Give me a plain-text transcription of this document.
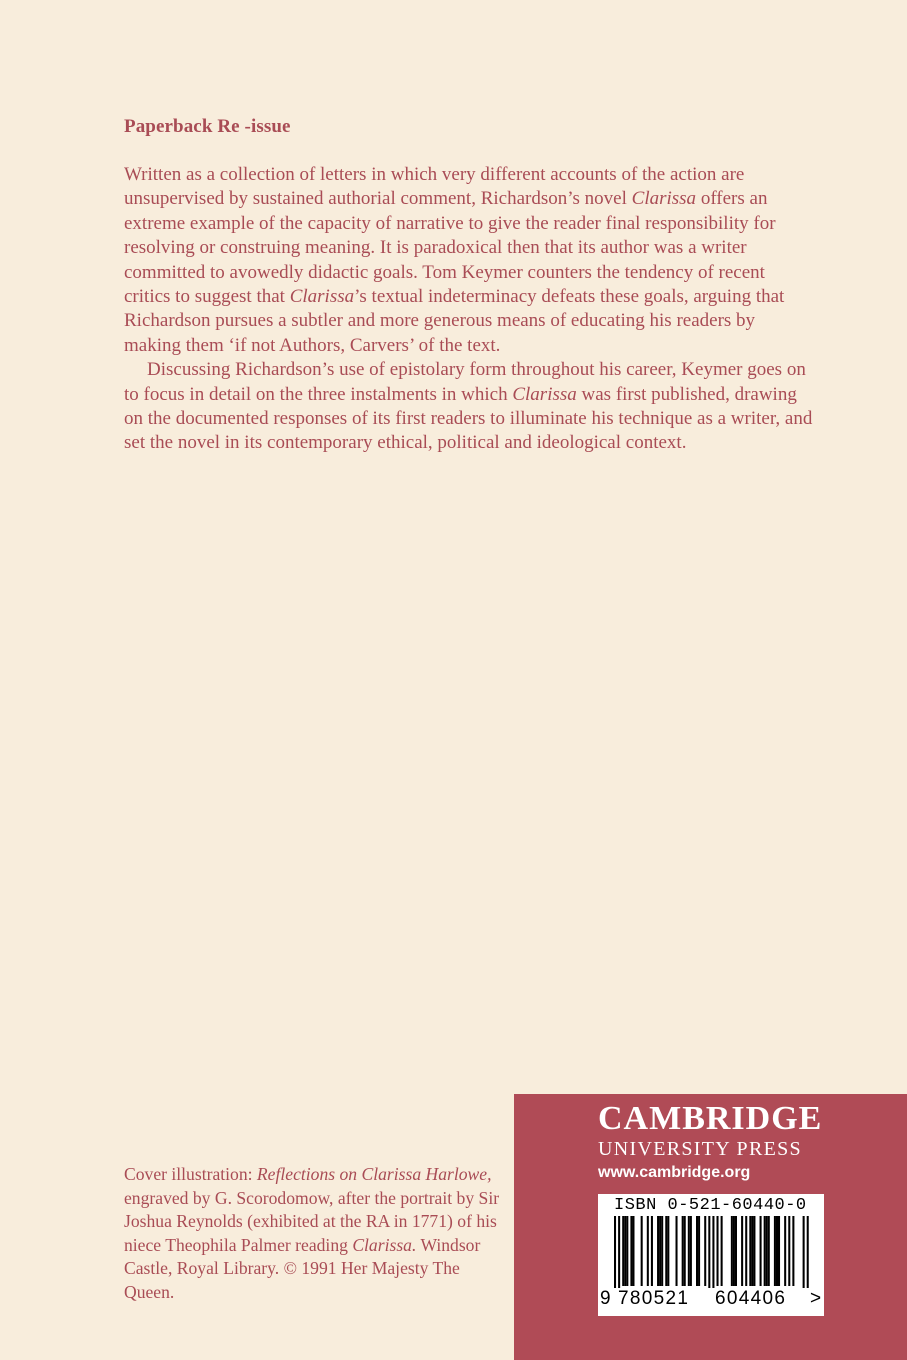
Paperback Re -issue

Written as a collection of letters in which very different accounts of the action are unsupervised by sustained authorial comment, Richardson’s novel Clarissa offers an extreme example of the capacity of narrative to give the reader final responsibility for resolving or construing meaning. It is paradoxical then that its author was a writer committed to avowedly didactic goals. Tom Keymer counters the tendency of recent critics to suggest that Clarissa’s textual indeterminacy defeats these goals, arguing that Richardson pursues a subtler and more generous means of educating his readers by making them ‘if not Authors, Carvers’ of the text.

Discussing Richardson’s use of epistolary form throughout his career, Keymer goes on to focus in detail on the three instalments in which Clarissa was first published, drawing on the documented responses of its first readers to illuminate his technique as a writer, and set the novel in its contemporary ethical, political and ideological context.

Cover illustration: Reflections on Clarissa Harlowe, engraved by G. Scorodomow, after the portrait by Sir Joshua Reynolds (exhibited at the RA in 1771) of his niece Theophila Palmer reading Clarissa. Windsor Castle, Royal Library. © 1991 Her Majesty The Queen.
CAMBRIDGE
UNIVERSITY PRESS
www.cambridge.org
ISBN 0-521-60440-0
9 780521 604406 >
